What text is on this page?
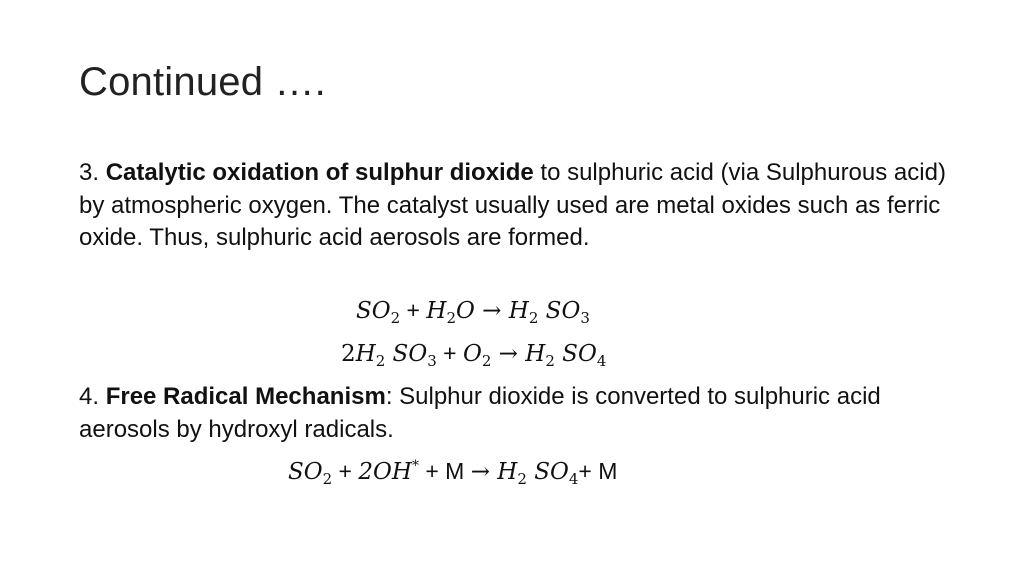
Continued ….
3. Catalytic oxidation of sulphur dioxide to sulphuric acid (via Sulphurous acid) by atmospheric oxygen. The catalyst usually used are metal oxides such as ferric oxide. Thus, sulphuric acid aerosols are formed.
$SO_2 + H_2O \to H_2$ $SO_3$
$2H_2$ $SO_3 + O_2 \to H_2$ $SO_4$
4. Free Radical Mechanism: Sulphur dioxide is converted to sulphuric acid aerosols by hydroxyl radicals.
$SO_2 + 2OH^* + M \to H_2$ $SO_4+ M$
